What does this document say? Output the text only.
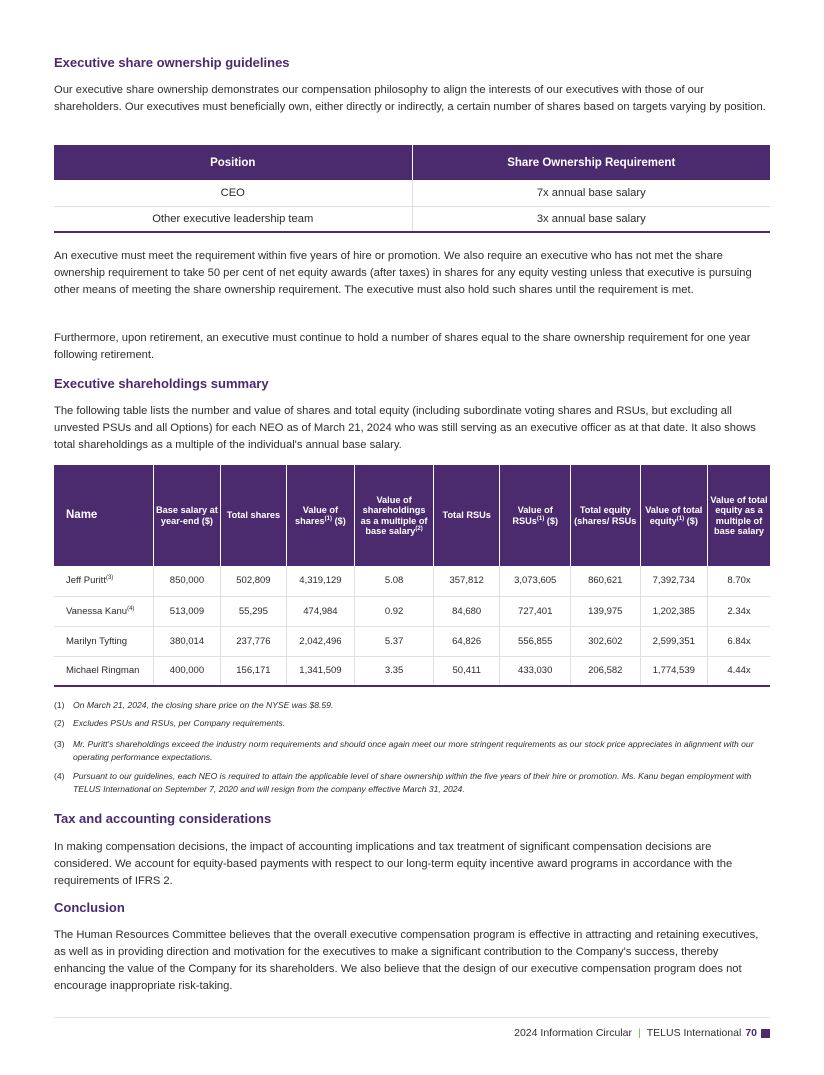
Executive share ownership guidelines

Our executive share ownership demonstrates our compensation philosophy to align the interests of our executives with those of our shareholders. Our executives must beneficially own, either directly or indirectly, a certain number of shares based on targets varying by position.

Position	Share Ownership Requirement
CEO	7x annual base salary
Other executive leadership team	3x annual base salary

An executive must meet the requirement within five years of hire or promotion. We also require an executive who has not met the share ownership requirement to take 50 per cent of net equity awards (after taxes) in shares for any equity vesting unless that executive is pursuing other means of meeting the share ownership requirement. The executive must also hold such shares until the requirement is met.

Furthermore, upon retirement, an executive must continue to hold a number of shares equal to the share ownership requirement for one year following retirement.

Executive shareholdings summary

The following table lists the number and value of shares and total equity (including subordinate voting shares and RSUs, but excluding all unvested PSUs and all Options) for each NEO as of March 21, 2024 who was still serving as an executive officer as at that date. It also shows total shareholdings as a multiple of the individual's annual base salary.

Name	Base salary at year-end ($)	Total shares	Value of shares$^{(1)}$ ($)	Value of shareholdings as a multiple of base salary$^{(2)}$	Total RSUs	Value of RSUs$^{(1)}$ ($)	Total equity (shares/ RSUs	Value of total equity$^{(1)}$ ($)	Value of total equity as a multiple of base salary
Jeff Puritt$^{(3)}$	850,000	502,809	4,319,129	5.08	357,812	3,073,605	860,621	7,392,734	8.70x
Vanessa Kanu$^{(4)}$	513,009	55,295	474,984	0.92	84,680	727,401	139,975	1,202,385	2.34x
Marilyn Tyfting	380,014	237,776	2,042,496	5.37	64,826	556,855	302,602	2,599,351	6.84x
Michael Ringman	400,000	156,171	1,341,509	3.35	50,411	433,030	206,582	1,774,539	4.44x
(1) On March 21, 2024, the closing share price on the NYSE was $8.59.
(2) Excludes PSUs and RSUs, per Company requirements.
(3) Mr. Puritt's shareholdings exceed the industry norm requirements and should once again meet our more stringent requirements as our stock price appreciates in alignment with our operating performance expectations.
(4) Pursuant to our guidelines, each NEO is required to attain the applicable level of share ownership within the five years of their hire or promotion. Ms. Kanu began employment with TELUS International on September 7, 2020 and will resign from the company effective March 31, 2024.
Tax and accounting considerations

In making compensation decisions, the impact of accounting implications and tax treatment of significant compensation decisions are considered. We account for equity-based payments with respect to our long-term equity incentive award programs in accordance with the requirements of IFRS 2.

Conclusion

The Human Resources Committee believes that the overall executive compensation program is effective in attracting and retaining executives, as well as in providing direction and motivation for the executives to make a significant contribution to the Company's success, thereby enhancing the value of the Company for its shareholders. We also believe that the design of our executive compensation program does not encourage inappropriate risk-taking.

2024 Information Circular | TELUS International 70
